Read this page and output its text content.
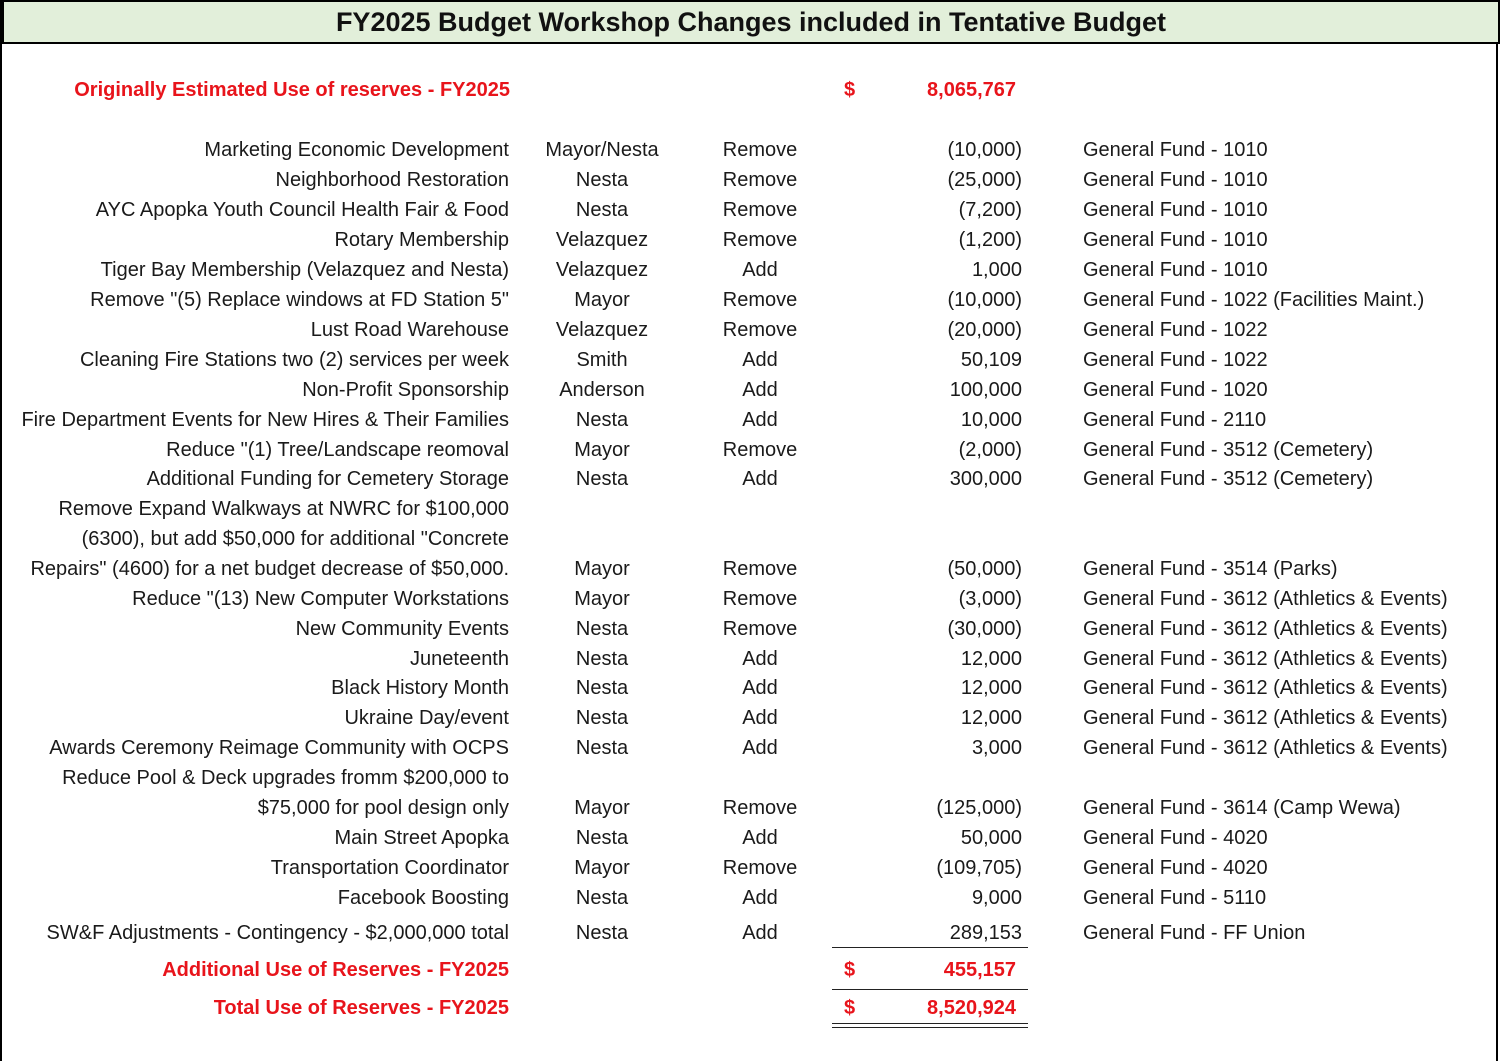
FY2025 Budget Workshop Changes included in Tentative Budget
Originally Estimated Use of reserves - FY2025	$	8,065,767
Marketing Economic Development	Mayor/Nesta	Remove	(10,000)	General Fund - 1010
Neighborhood Restoration	Nesta	Remove	(25,000)	General Fund - 1010
AYC Apopka Youth Council Health Fair & Food	Nesta	Remove	(7,200)	General Fund - 1010
Rotary Membership	Velazquez	Remove	(1,200)	General Fund - 1010
Tiger Bay Membership (Velazquez and Nesta)	Velazquez	Add	1,000	General Fund - 1010
Remove "(5) Replace windows at FD Station 5"	Mayor	Remove	(10,000)	General Fund - 1022 (Facilities Maint.)
Lust Road Warehouse	Velazquez	Remove	(20,000)	General Fund - 1022
Cleaning Fire Stations two (2) services per week	Smith	Add	50,109	General Fund - 1022
Non-Profit Sponsorship	Anderson	Add	100,000	General Fund - 1020
Fire Department Events for New Hires & Their Families	Nesta	Add	10,000	General Fund - 2110
Reduce "(1) Tree/Landscape reomoval	Mayor	Remove	(2,000)	General Fund - 3512 (Cemetery)
Additional Funding for Cemetery Storage	Nesta	Add	300,000	General Fund - 3512 (Cemetery)
Remove Expand Walkways at NWRC for $100,000 (6300), but add $50,000 for additional "Concrete Repairs" (4600) for a net budget decrease of $50,000.	Mayor	Remove	(50,000)	General Fund - 3514 (Parks)
Reduce "(13) New Computer Workstations	Mayor	Remove	(3,000)	General Fund - 3612 (Athletics & Events)
New Community Events	Nesta	Remove	(30,000)	General Fund - 3612 (Athletics & Events)
Juneteenth	Nesta	Add	12,000	General Fund - 3612 (Athletics & Events)
Black History Month	Nesta	Add	12,000	General Fund - 3612 (Athletics & Events)
Ukraine Day/event	Nesta	Add	12,000	General Fund - 3612 (Athletics & Events)
Awards Ceremony Reimage Community with OCPS	Nesta	Add	3,000	General Fund - 3612 (Athletics & Events)
Reduce Pool & Deck upgrades fromm $200,000 to $75,000 for pool design only	Mayor	Remove	(125,000)	General Fund - 3614 (Camp Wewa)
Main Street Apopka	Nesta	Add	50,000	General Fund - 4020
Transportation Coordinator	Mayor	Remove	(109,705)	General Fund - 4020
Facebook Boosting	Nesta	Add	9,000	General Fund - 5110
SW&F Adjustments - Contingency - $2,000,000 total	Nesta	Add	289,153	General Fund - FF Union
Additional Use of Reserves - FY2025	$	455,157
Total Use of Reserves - FY2025	$	8,520,924
